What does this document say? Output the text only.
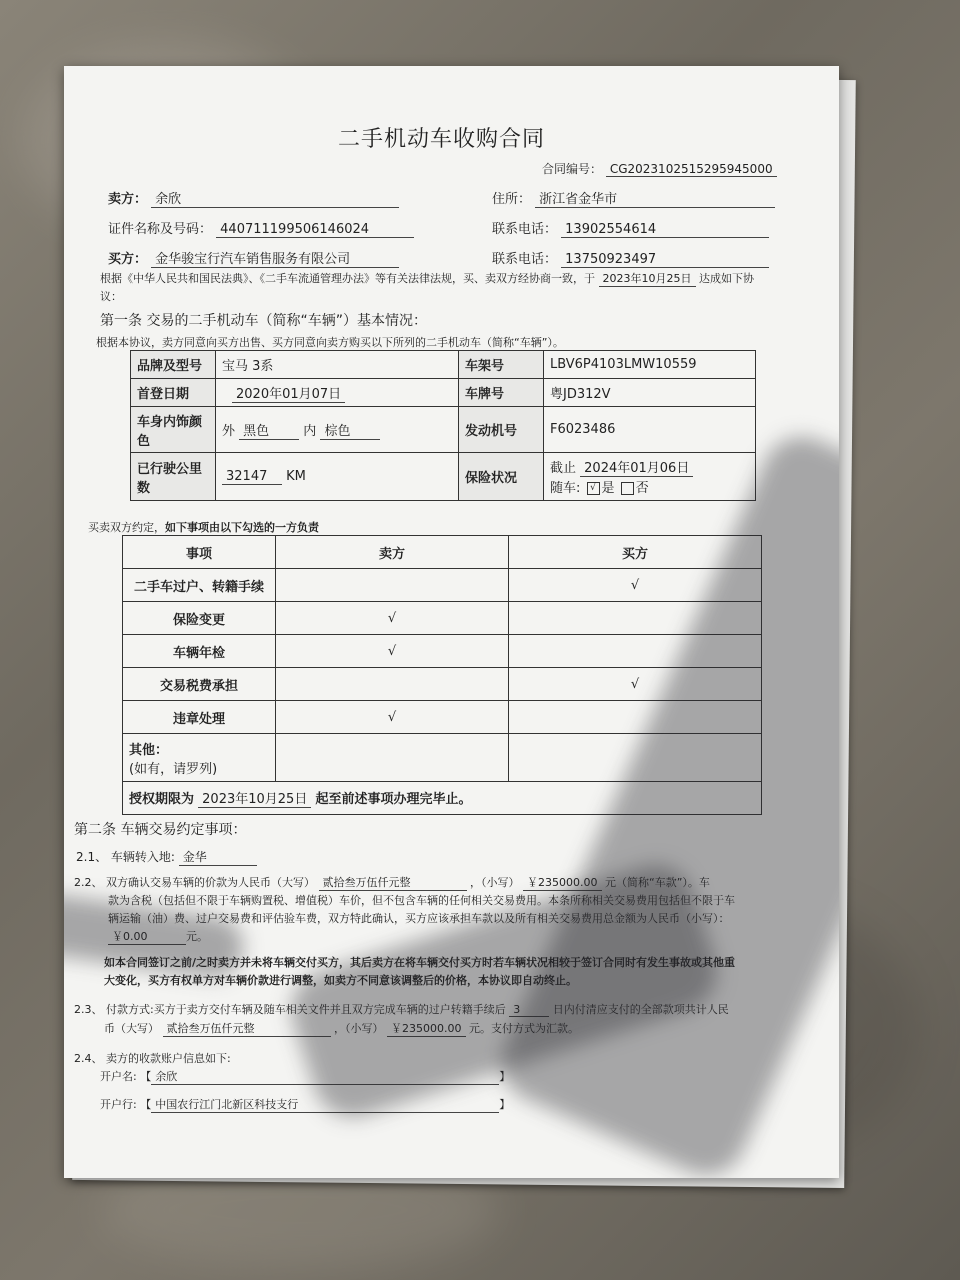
二手机动车收购合同
合同编号： CG2023102515295945000
卖方： 余欣	住所： 浙江省金华市
证件名称及号码： 440711199506146024	联系电话： 13902554614
买方： 金华骏宝行汽车销售服务有限公司	联系电话： 13750923497
根据《中华人民共和国民法典》、《二手车流通管理办法》等有关法律法规，买、卖双方经协商一致，于 2023年10月25日 达成如下协
议：
第一条 交易的二手机动车（简称“车辆”）基本情况：
根据本协议，卖方同意向买方出售、买方同意向卖方购买以下所列的二手机动车（简称“车辆”）。
品牌及型号	宝马 3系	车架号	LBV6P4103LMW10559
首登日期	2020年01月07日	车牌号	粤JD312V
车身内饰颜色	外 黑色 内 棕色	发动机号	F6023486
已行驶公里数	32147 KM	保险状况	截止 2024年01月06日
随车: √ 是 否
买卖双方约定，如下事项由以下勾选的一方负责
事项	卖方	买方
二手车过户、转籍手续		√
保险变更	√	
车辆年检	√	
交易税费承担		√
违章处理	√	

其他：
(如有，请罗列)		

授权期限为 2023年10月25日 起至前述事项办理完毕止。		
第二条 车辆交易约定事项：
2.1、 车辆转入地: 金华
2.2、 双方确认交易车辆的价款为人民币（大写） 贰拾叁万伍仟元整	，（小写） ￥235000.00 元（简称“车款”）。车
款为含税（包括但不限于车辆购置税、增值税）车价，但不包含车辆的任何相关交易费用。本条所称相关交易费用包括但不限于车
辆运输（油）费、过户交易费和评估验车费，双方特此确认，买方应该承担车款以及所有相关交易费用总金额为人民币（小写）：
￥0.00	元。
如本合同签订之前/之时卖方并未将车辆交付买方，其后卖方在将车辆交付买方时若车辆状况相较于签订合同时有发生事故或其他重
大变化，买方有权单方对车辆价款进行调整，如卖方不同意该调整后的价格，本协议即自动终止。
2.3、 付款方式:买方于卖方交付车辆及随车相关文件并且双方完成车辆的过户转籍手续后 3	日内付清应支付的全部款项共计人民
币（大写） 贰拾叁万伍仟元整	，（小写） ￥235000.00 元。支付方式为汇款。
2.4、 卖方的收款账户信息如下:
开户名: 【 余欣	】
开户行: 【 中国农行江门北新区科技支行	】
